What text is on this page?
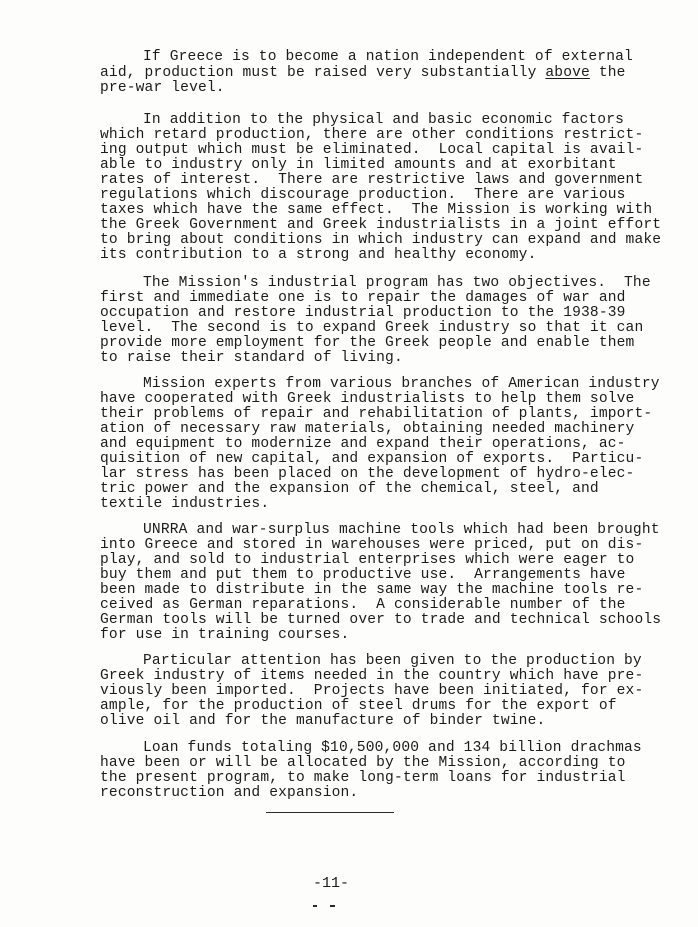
If Greece is to become a nation independent of external
aid, production must be raised very substantially above the
pre-war level.
In addition to the physical and basic economic factors
which retard production, there are other conditions restrict-
ing output which must be eliminated.  Local capital is avail-
able to industry only in limited amounts and at exorbitant
rates of interest.  There are restrictive laws and government
regulations which discourage production.  There are various
taxes which have the same effect.  The Mission is working with
the Greek Government and Greek industrialists in a joint effort
to bring about conditions in which industry can expand and make
its contribution to a strong and healthy economy.
The Mission's industrial program has two objectives.  The
first and immediate one is to repair the damages of war and
occupation and restore industrial production to the 1938-39
level.  The second is to expand Greek industry so that it can
provide more employment for the Greek people and enable them
to raise their standard of living.
Mission experts from various branches of American industry
have cooperated with Greek industrialists to help them solve
their problems of repair and rehabilitation of plants, import-
ation of necessary raw materials, obtaining needed machinery
and equipment to modernize and expand their operations, ac-
quisition of new capital, and expansion of exports.  Particu-
lar stress has been placed on the development of hydro-elec-
tric power and the expansion of the chemical, steel, and
textile industries.
UNRRA and war-surplus machine tools which had been brought
into Greece and stored in warehouses were priced, put on dis-
play, and sold to industrial enterprises which were eager to
buy them and put them to productive use.  Arrangements have
been made to distribute in the same way the machine tools re-
ceived as German reparations.  A considerable number of the
German tools will be turned over to trade and technical schools
for use in training courses.
Particular attention has been given to the production by
Greek industry of items needed in the country which have pre-
viously been imported.  Projects have been initiated, for ex-
ample, for the production of steel drums for the export of
olive oil and for the manufacture of binder twine.
Loan funds totaling $10,500,000 and 134 billion drachmas
have been or will be allocated by the Mission, according to
the present program, to make long-term loans for industrial
reconstruction and expansion.
-11-
